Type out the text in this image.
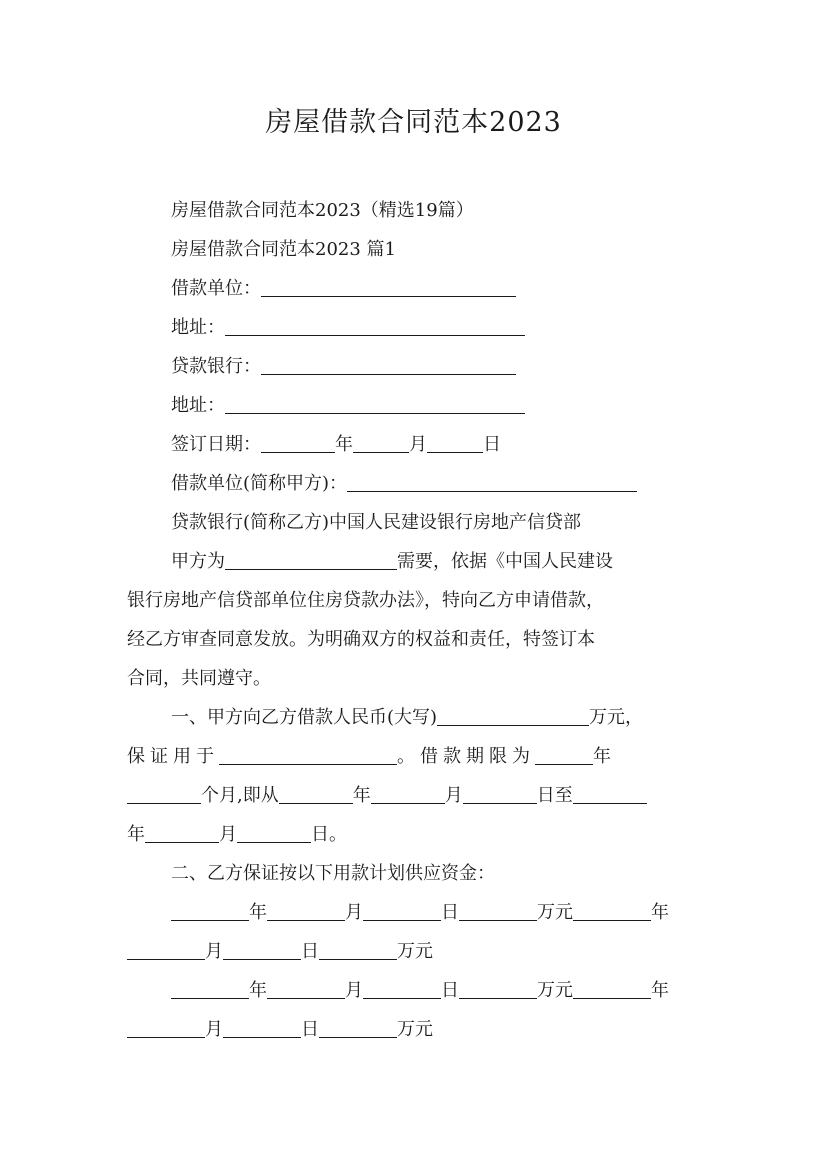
房屋借款合同范本2023
房屋借款合同范本2023（精选19篇）
房屋借款合同范本2023 篇1
借款单位：
地址：
贷款银行：
地址：
签订日期：	年	月	日
借款单位(简称甲方)：
贷款银行(简称乙方)中国人民建设银行房地产信贷部
甲方为	需要，依据《中国人民建设
银行房地产信贷部单位住房贷款办法》，特向乙方申请借款，
经乙方审查同意发放。为明确双方的权益和责任，特签订本
合同，共同遵守。
一、甲方向乙方借款人民币(大写)	万元，
保证用于	。借款期限为	年
个月,即从	年	月	日至
年	月	日。
二、乙方保证按以下用款计划供应资金：
年	月	日	万元	年
月	日	万元
年	月	日	万元	年
月	日	万元
